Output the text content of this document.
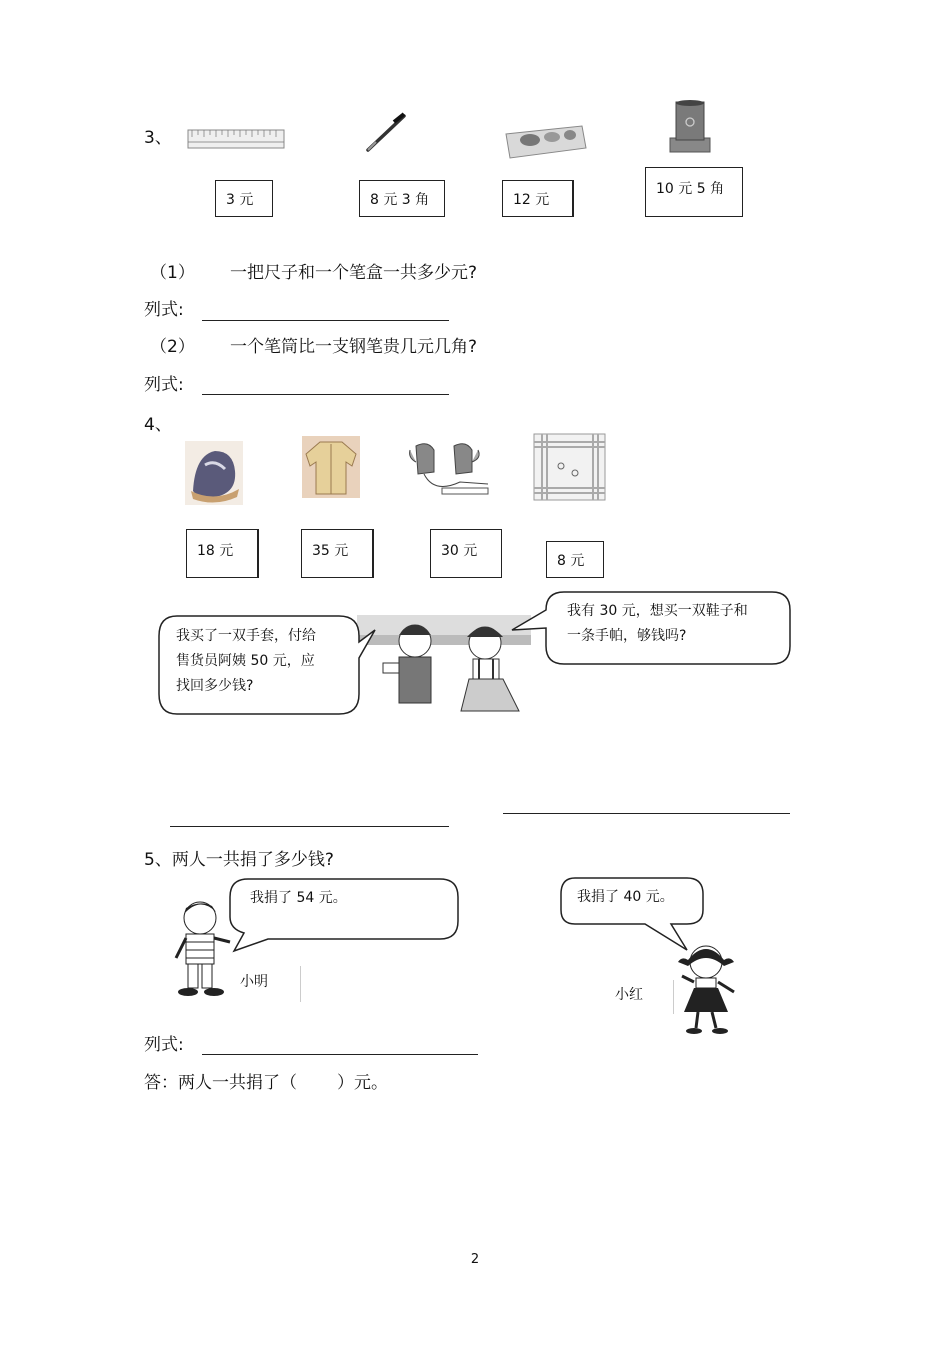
3、
3 元	8 元 3 角	12 元
10 元 5 角
（1） 一把尺子和一个笔盒一共多少元?
列式:
（2） 一个笔筒比一支钢笔贵几元几角?
列式:
4、
18 元	35 元	30 元
8 元
我买了一双手套，付给
售货员阿姨 50 元，应
找回多少钱?
我有 30 元，想买一双鞋子和
一条手帕，够钱吗?
5、两人一共捐了多少钱?
我捐了 54 元。
小明
我捐了 40 元。
小红
列式:
答：两人一共捐了（ ）元。
2
